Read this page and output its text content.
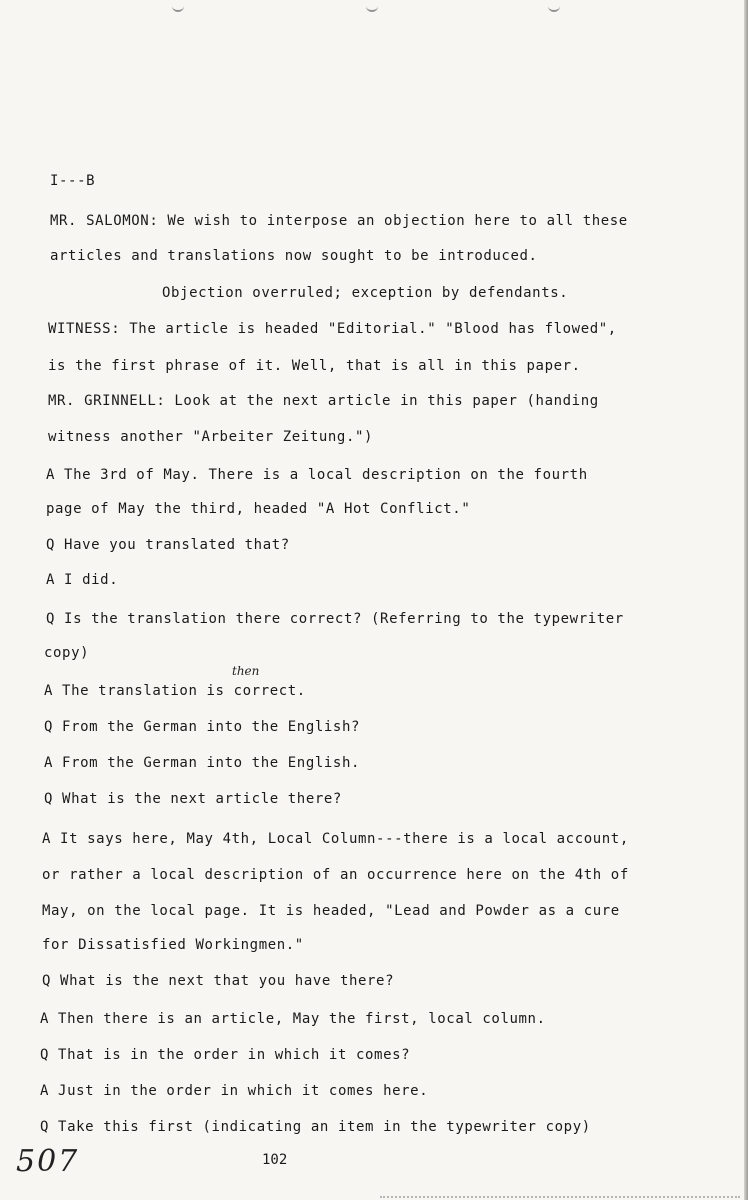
I---B

MR. SALOMON: We wish to interpose an objection here to all these

articles and translations now sought to be introduced.

Objection overruled; exception by defendants.

WITNESS: The article is headed "Editorial." "Blood has flowed",

is the first phrase of it. Well, that is all in this paper.

MR. GRINNELL: Look at the next article in this paper (handing

witness another "Arbeiter Zeitung.")

A The 3rd of May. There is a local description on the fourth

page of May the third, headed "A Hot Conflict."

Q Have you translated that?

A I did.

Q Is the translation there correct? (Referring to the typewriter

copy)

then

A The translation is correct.

Q From the German into the English?

A From the German into the English.

Q What is the next article there?

A It says here, May 4th, Local Column---there is a local account,

or rather a local description of an occurrence here on the 4th of

May, on the local page. It is headed, "Lead and Powder as a cure

for Dissatisfied Workingmen."

Q What is the next that you have there?

A Then there is an article, May the first, local column.

Q That is in the order in which it comes?

A Just in the order in which it comes here.

Q Take this first (indicating an item in the typewriter copy)

507	102
